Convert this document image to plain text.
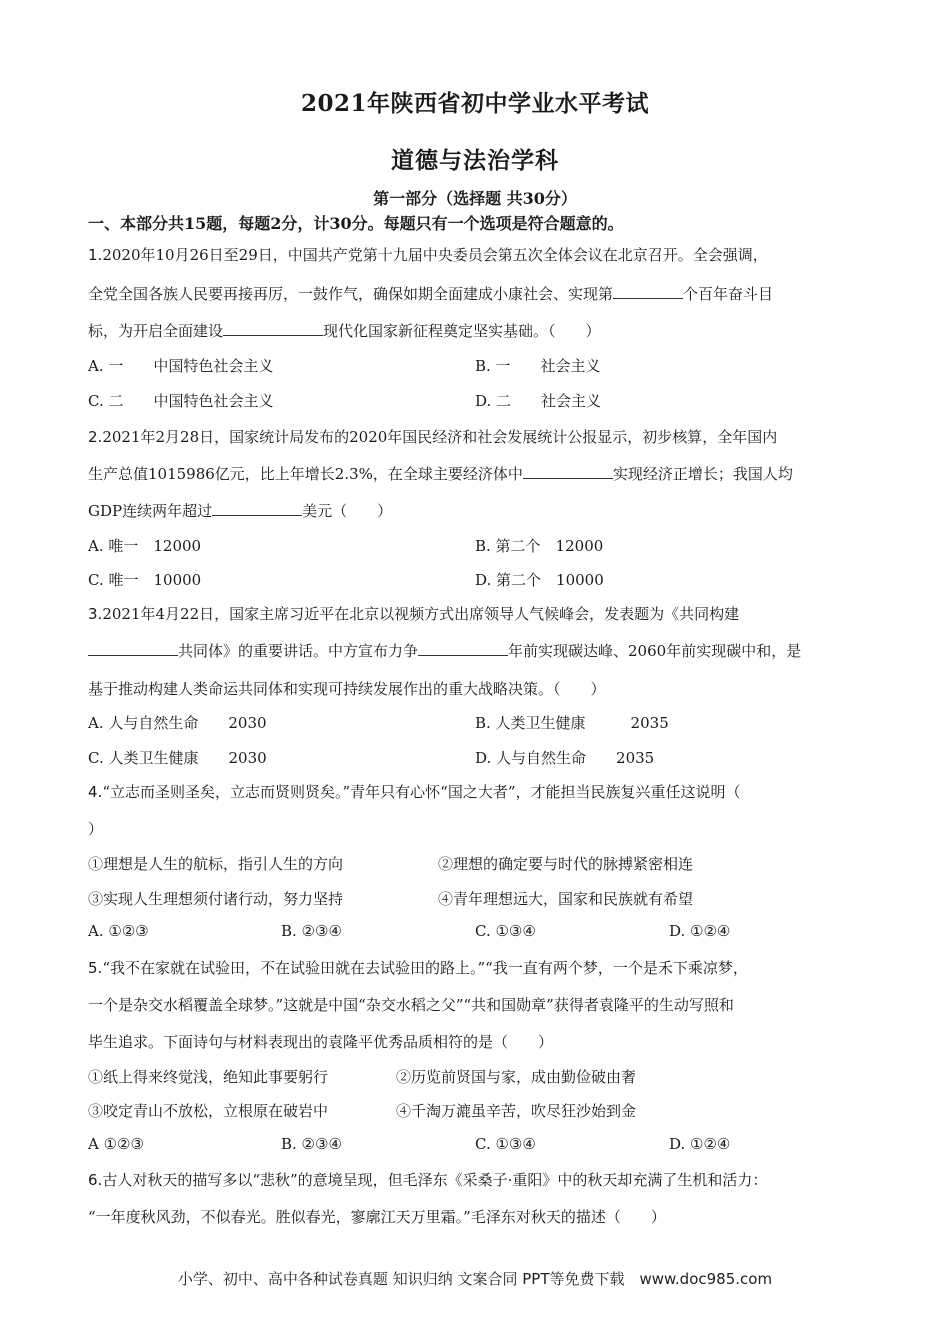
2021年陕西省初中学业水平考试
道德与法治学科
第一部分（选择题 共30分）
一、本部分共15题，每题2分，计30分。每题只有一个选项是符合题意的。
1.2020年10月26日至29日，中国共产党第十九届中央委员会第五次全体会议在北京召开。全会强调，
全党全国各族人民要再接再厉，一鼓作气，确保如期全面建成小康社会、实现第	个百年奋斗目
标，为开启全面建设	现代化国家新征程奠定坚实基础。（　　）
A. 一　　中国特色社会主义	B. 一　　社会主义
C. 二　　中国特色社会主义	D. 二　　社会主义
2.2021年2月28日，国家统计局发布的2020年国民经济和社会发展统计公报显示，初步核算，全年国内
生产总值1015986亿元，比上年增长2.3%，在全球主要经济体中	实现经济正增长；我国人均
GDP连续两年超过	美元（　　）
A. 唯一　12000	B. 第二个　12000
C. 唯一　10000	D. 第二个　10000
3.2021年4月22日，国家主席习近平在北京以视频方式出席领导人气候峰会，发表题为《共同构建
共同体》的重要讲话。中方宣布力争	年前实现碳达峰、2060年前实现碳中和，是
基于推动构建人类命运共同体和实现可持续发展作出的重大战略决策。（　　）
A. 人与自然生命　　2030	B. 人类卫生健康　　　2035
C. 人类卫生健康　　2030	D. 人与自然生命　　2035
4.“立志而圣则圣矣，立志而贤则贤矣。”青年只有心怀“国之大者”，才能担当民族复兴重任这说明（
）
①理想是人生的航标，指引人生的方向	②理想的确定要与时代的脉搏紧密相连
③实现人生理想须付诸行动，努力坚持	④青年理想远大，国家和民族就有希望
A. ①②③	B. ②③④	C. ①③④	D. ①②④
5.“我不在家就在试验田，不在试验田就在去试验田的路上。”“我一直有两个梦，一个是禾下乘凉梦，
一个是杂交水稻覆盖全球梦。”这就是中国“杂交水稻之父”“共和国勋章”获得者袁隆平的生动写照和
毕生追求。下面诗句与材料表现出的袁隆平优秀品质相符的是（　　）
①纸上得来终觉浅，绝知此事要躬行	②历览前贤国与家，成由勤俭破由奢
③咬定青山不放松，立根原在破岩中	④千淘万漉虽辛苦，吹尽狂沙始到金
A ①②③	B. ②③④	C. ①③④	D. ①②④
6.古人对秋天的描写多以“悲秋”的意境呈现，但毛泽东《采桑子·重阳》中的秋天却充满了生机和活力：
“一年度秋风劲，不似春光。胜似春光，寥廓江天万里霜。”毛泽东对秋天的描述（　　）
小学、初中、高中各种试卷真题 知识归纳 文案合同 PPT等免费下载　www.doc985.com
